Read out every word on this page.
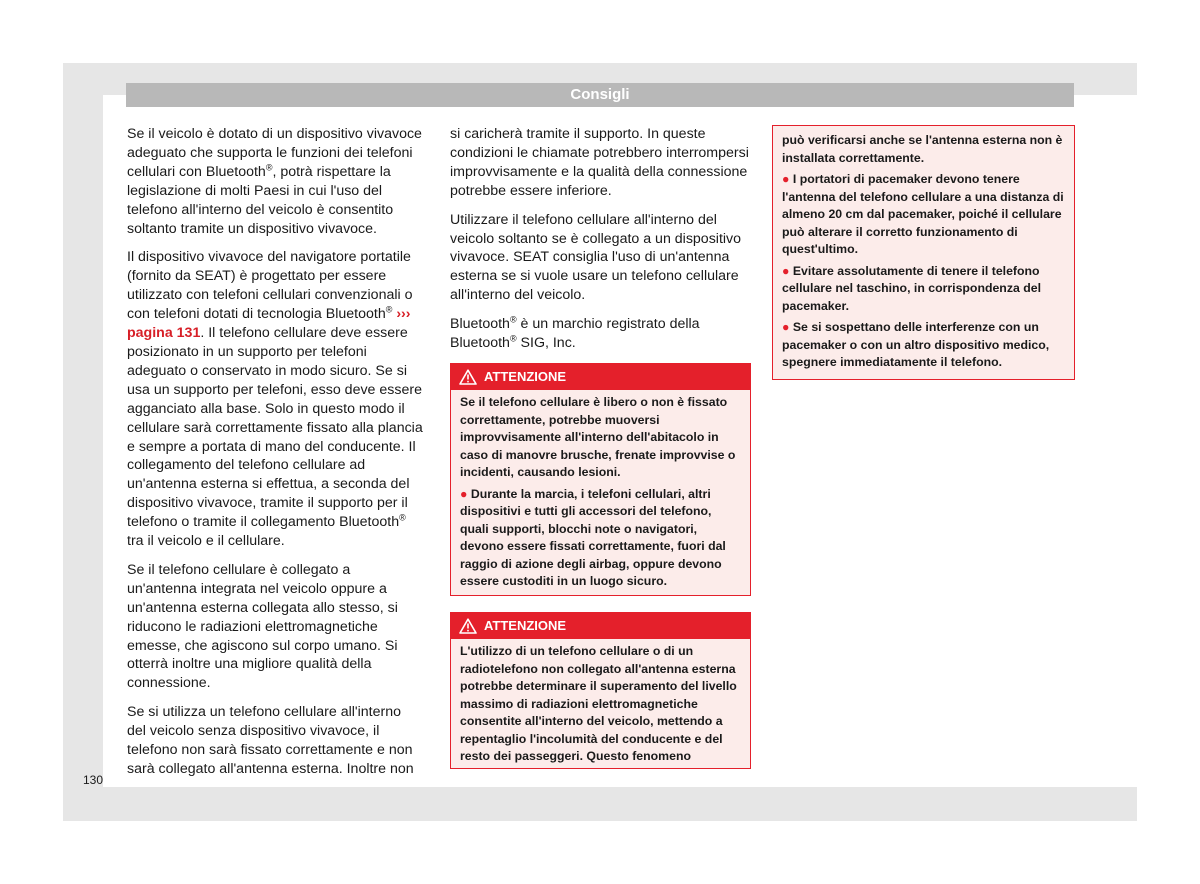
Consigli

Se il veicolo è dotato di un dispositivo vivavoce adeguato che supporta le funzioni dei telefoni cellulari con Bluetooth®, potrà rispettare la legislazione di molti Paesi in cui l'uso del telefono all'interno del veicolo è consentito soltanto tramite un dispositivo vivavoce.

Il dispositivo vivavoce del navigatore portatile (fornito da SEAT) è progettato per essere utilizzato con telefoni cellulari convenzionali o con telefoni dotati di tecnologia Bluetooth® ››› pagina 131. Il telefono cellulare deve essere posizionato in un supporto per telefoni adeguato o conservato in modo sicuro. Se si usa un supporto per telefoni, esso deve essere agganciato alla base. Solo in questo modo il cellulare sarà correttamente fissato alla plancia e sempre a portata di mano del conducente. Il collegamento del telefono cellulare ad un'antenna esterna si effettua, a seconda del dispositivo vivavoce, tramite il supporto per il telefono o tramite il collegamento Bluetooth® tra il veicolo e il cellulare.

Se il telefono cellulare è collegato a un'antenna integrata nel veicolo oppure a un'antenna esterna collegata allo stesso, si riducono le radiazioni elettromagnetiche emesse, che agiscono sul corpo umano. Si otterrà inoltre una migliore qualità della connessione.

Se si utilizza un telefono cellulare all'interno del veicolo senza dispositivo vivavoce, il telefono non sarà fissato correttamente e non sarà collegato all'antenna esterna. Inoltre non

si caricherà tramite il supporto. In queste condizioni le chiamate potrebbero interrompersi improvvisamente e la qualità della connessione potrebbe essere inferiore.

Utilizzare il telefono cellulare all'interno del veicolo soltanto se è collegato a un dispositivo vivavoce. SEAT consiglia l'uso di un'antenna esterna se si vuole usare un telefono cellulare all'interno del veicolo.

Bluetooth® è un marchio registrato della Bluetooth® SIG, Inc.

ATTENZIONE

Se il telefono cellulare è libero o non è fissato correttamente, potrebbe muoversi improvvisamente all'interno dell'abitacolo in caso di manovre brusche, frenate improvvise o incidenti, causando lesioni.

● Durante la marcia, i telefoni cellulari, altri dispositivi e tutti gli accessori del telefono, quali supporti, blocchi note o navigatori, devono essere fissati correttamente, fuori dal raggio di azione degli airbag, oppure devono essere custoditi in un luogo sicuro.

ATTENZIONE

L'utilizzo di un telefono cellulare o di un radiotelefono non collegato all'antenna esterna potrebbe determinare il superamento del livello massimo di radiazioni elettromagnetiche consentite all'interno del veicolo, mettendo a repentaglio l'incolumità del conducente e del resto dei passeggeri. Questo fenomeno

può verificarsi anche se l'antenna esterna non è installata correttamente.

● I portatori di pacemaker devono tenere l'antenna del telefono cellulare a una distanza di almeno 20 cm dal pacemaker, poiché il cellulare può alterare il corretto funzionamento di quest'ultimo.

● Evitare assolutamente di tenere il telefono cellulare nel taschino, in corrispondenza del pacemaker.

● Se si sospettano delle interferenze con un pacemaker o con un altro dispositivo medico, spegnere immediatamente il telefono.

130
